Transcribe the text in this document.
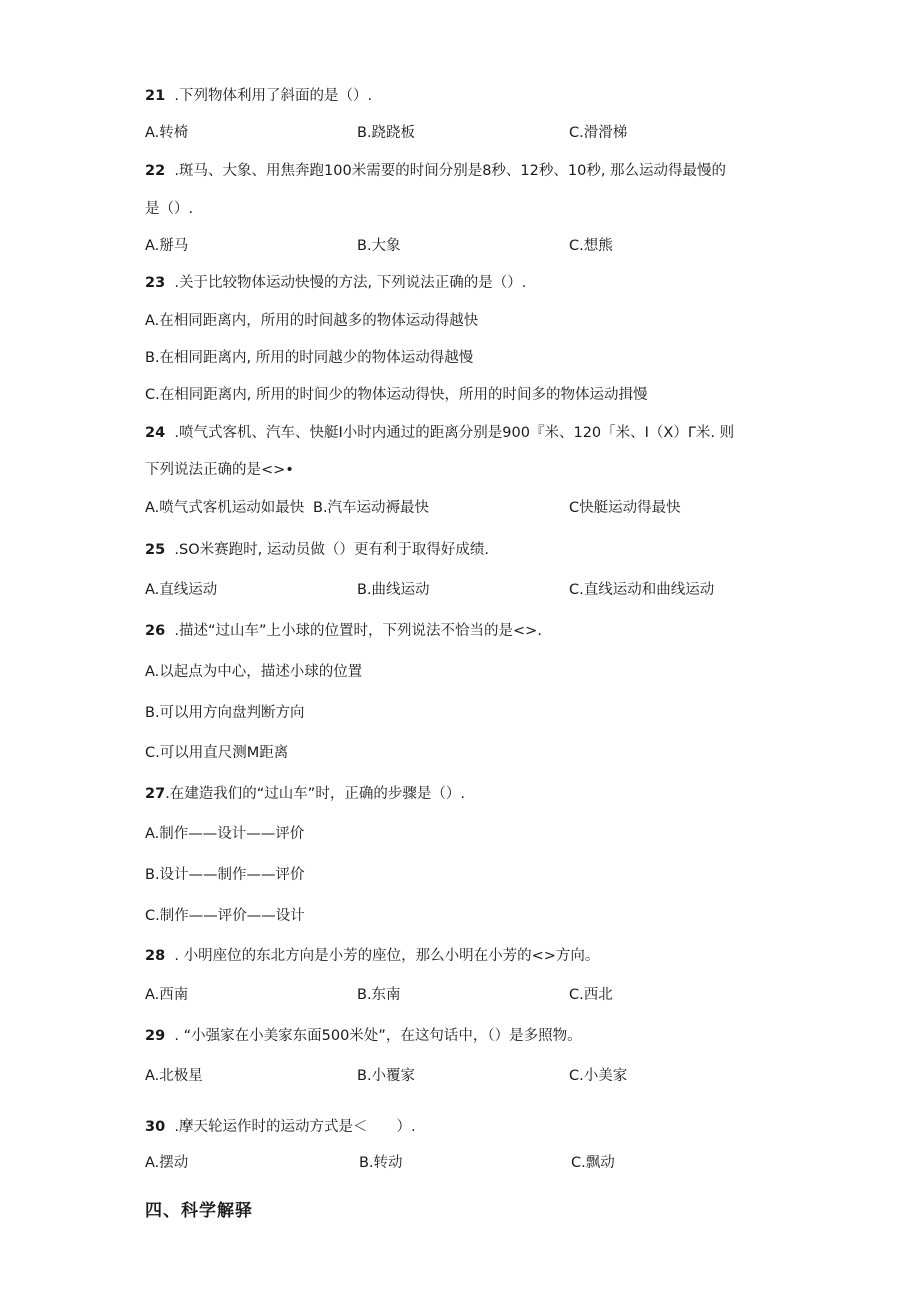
21 .下列物体利用了斜面的是（）.
A.转椅	B.跷跷板	C.滑滑梯
22 .斑马、大象、用焦奔跑100米需要的时间分别是8秒、12秒、10秒, 那么运动得最慢的
是（）.
A.掰马	B.大象	C.想熊
23 .关于比较物体运动快慢的方法, 下列说法正确的是（）.
A.在相同距离内，所用的时间越多的物体运动得越快
B.在相同距离内, 所用的时同越少的物体运动得越慢
C.在相同距离内, 所用的时间少的物体运动得快，所用的时间多的物体运动揖慢
24 .喷气式客机、汽车、快艇I小时内通过的距离分别是900『米、120「米、I（X）Γ米. 则
下列说法正确的是<>•
A.喷气式客机运动如最快 B.汽车运动褥最快	C快艇运动得最快
25 .SO米赛跑时, 运动员做（）更有利于取得好成绩.
A.直线运动	B.曲线运动	C.直线运动和曲线运动
26 .描述“过山车”上小球的位置时，下列说法不恰当的是<>.
A.以起点为中心，描述小球的位置
B.可以用方向盘判断方向
C.可以用直尺测M距离
27.在建造我们的“过山车”时，正确的步骤是（）.
A.制作——设计——评价
B.设计——制作——评价
C.制作——评价——设计
28 . 小明座位的东北方向是小芳的座位，那么小明在小芳的<>方向。
A.西南	B.东南	C.西北
29 . “小强家在小美家东面500米处”，在这句话中，（）是多照物。
A.北极星	B.小覆家	C.小美家
30 .摩天轮运作时的运动方式是＜　　）.
A.摆动	B.转动	C.飘动
四、科学解驿
